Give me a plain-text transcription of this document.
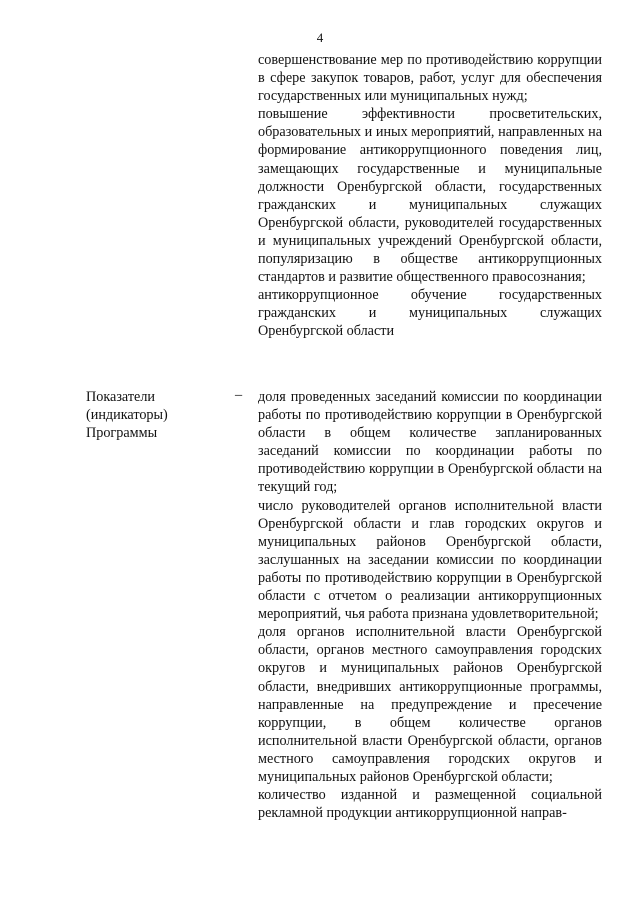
4

совершенствование мер по противодействию коррупции в сфере закупок товаров, работ, услуг для обеспечения государственных или муниципальных нужд;

повышение эффективности просветительских, образовательных и иных мероприятий, направленных на формирование антикоррупционного поведения лиц, замещающих государственные и муниципальные должности Оренбургской области, государственных гражданских и муниципальных служащих Оренбургской области, руководителей государственных и муниципальных учреждений Оренбургской области, популяризацию в обществе антикоррупционных стандартов и развитие общественного правосознания;

антикоррупционное обучение государственных гражданских и муниципальных служащих Оренбургской области

Показатели
(индикаторы)
Программы
– доля проведенных заседаний комиссии по координации работы по противодействию коррупции в Оренбургской области в общем количестве запланированных заседаний комиссии по координации работы по противодействию коррупции в Оренбургской области на текущий год;

число руководителей органов исполнительной власти Оренбургской области и глав городских округов и муниципальных районов Оренбургской области, заслушанных на заседании комиссии по координации работы по противодействию коррупции в Оренбургской области с отчетом о реализации антикоррупционных мероприятий, чья работа признана удовлетворительной;

доля органов исполнительной власти Оренбургской области, органов местного самоуправления городских округов и муниципальных районов Оренбургской области, внедривших антикоррупционные программы, направленные на предупреждение и пресечение коррупции, в общем количестве органов исполнительной власти Оренбургской области, органов местного самоуправления городских округов и муниципальных районов Оренбургской области;

количество изданной и размещенной социальной рекламной продукции антикоррупционной направ-
